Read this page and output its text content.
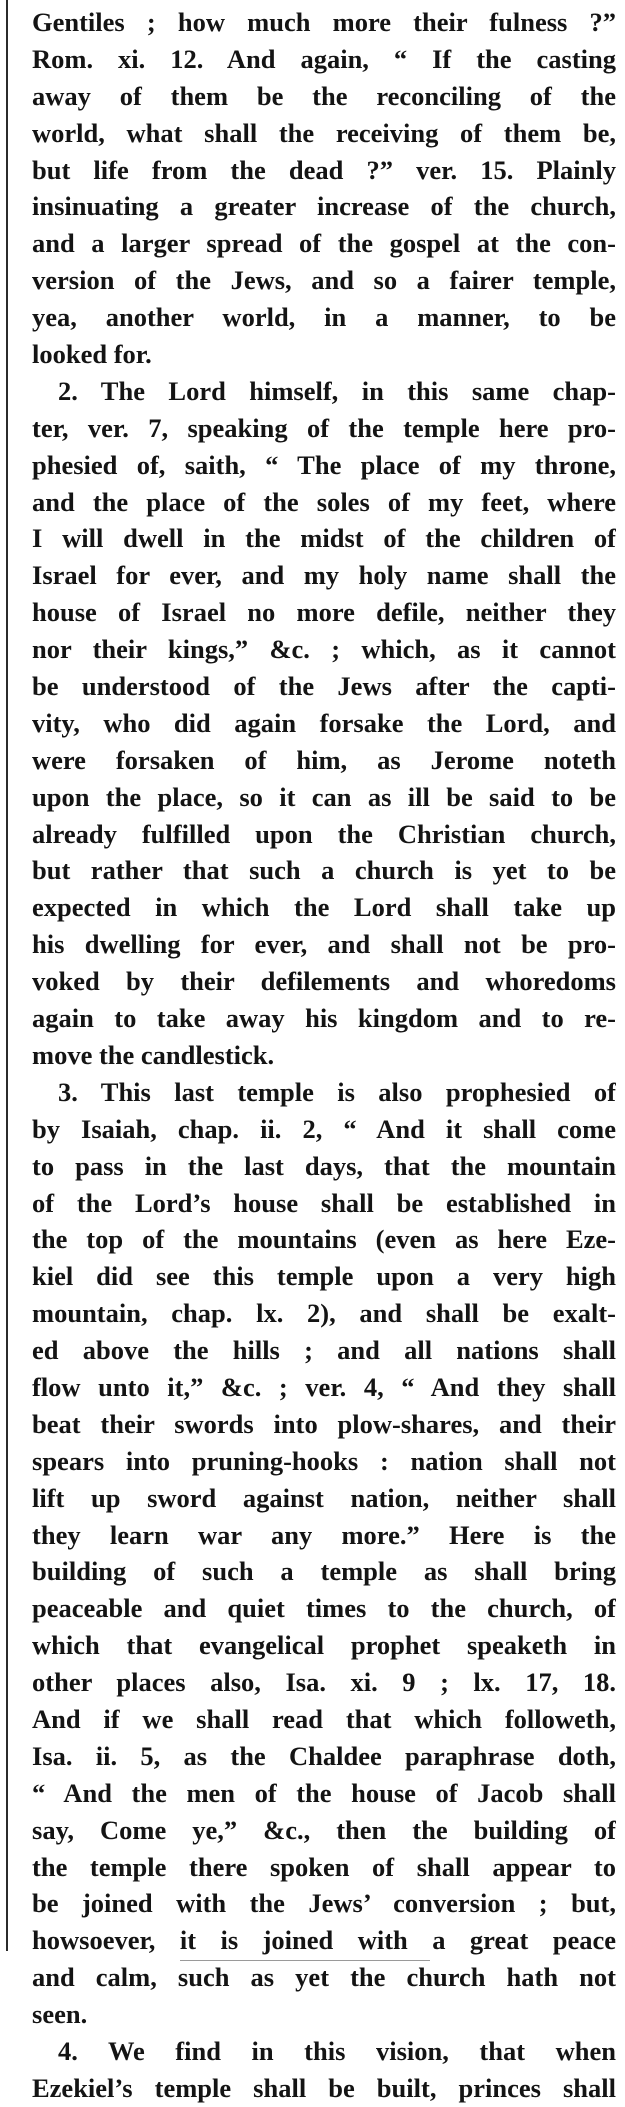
Gentiles ; how much more their fulness ?”
Rom. xi. 12. And again, “ If the casting
away of them be the reconciling of the
world, what shall the receiving of them be,
but life from the dead ?” ver. 15. Plainly
insinuating a greater increase of the church,
and a larger spread of the gospel at the con-
version of the Jews, and so a fairer temple,
yea, another world, in a manner, to be
looked for.
2. The Lord himself, in this same chap-
ter, ver. 7, speaking of the temple here pro-
phesied of, saith, “ The place of my throne,
and the place of the soles of my feet, where
I will dwell in the midst of the children of
Israel for ever, and my holy name shall the
house of Israel no more defile, neither they
nor their kings,” &c. ; which, as it cannot
be understood of the Jews after the capti-
vity, who did again forsake the Lord, and
were forsaken of him, as Jerome noteth
upon the place, so it can as ill be said to be
already fulfilled upon the Christian church,
but rather that such a church is yet to be
expected in which the Lord shall take up
his dwelling for ever, and shall not be pro-
voked by their defilements and whoredoms
again to take away his kingdom and to re-
move the candlestick.
3. This last temple is also prophesied of
by Isaiah, chap. ii. 2, “ And it shall come
to pass in the last days, that the mountain
of the Lord’s house shall be established in
the top of the mountains (even as here Eze-
kiel did see this temple upon a very high
mountain, chap. lx. 2), and shall be exalt-
ed above the hills ; and all nations shall
flow unto it,” &c. ; ver. 4, “ And they shall
beat their swords into plow-shares, and their
spears into pruning-hooks : nation shall not
lift up sword against nation, neither shall
they learn war any more.” Here is the
building of such a temple as shall bring
peaceable and quiet times to the church, of
which that evangelical prophet speaketh in
other places also, Isa. xi. 9 ; lx. 17, 18.
And if we shall read that which followeth,
Isa. ii. 5, as the Chaldee paraphrase doth,
“ And the men of the house of Jacob shall
say, Come ye,” &c., then the building of
the temple there spoken of shall appear to
be joined with the Jews’ conversion ; but,
howsoever, it is joined with a great peace
and calm, such as yet the church hath not
seen.
4. We find in this vision, that when
Ezekiel’s temple shall be built, princes shall
